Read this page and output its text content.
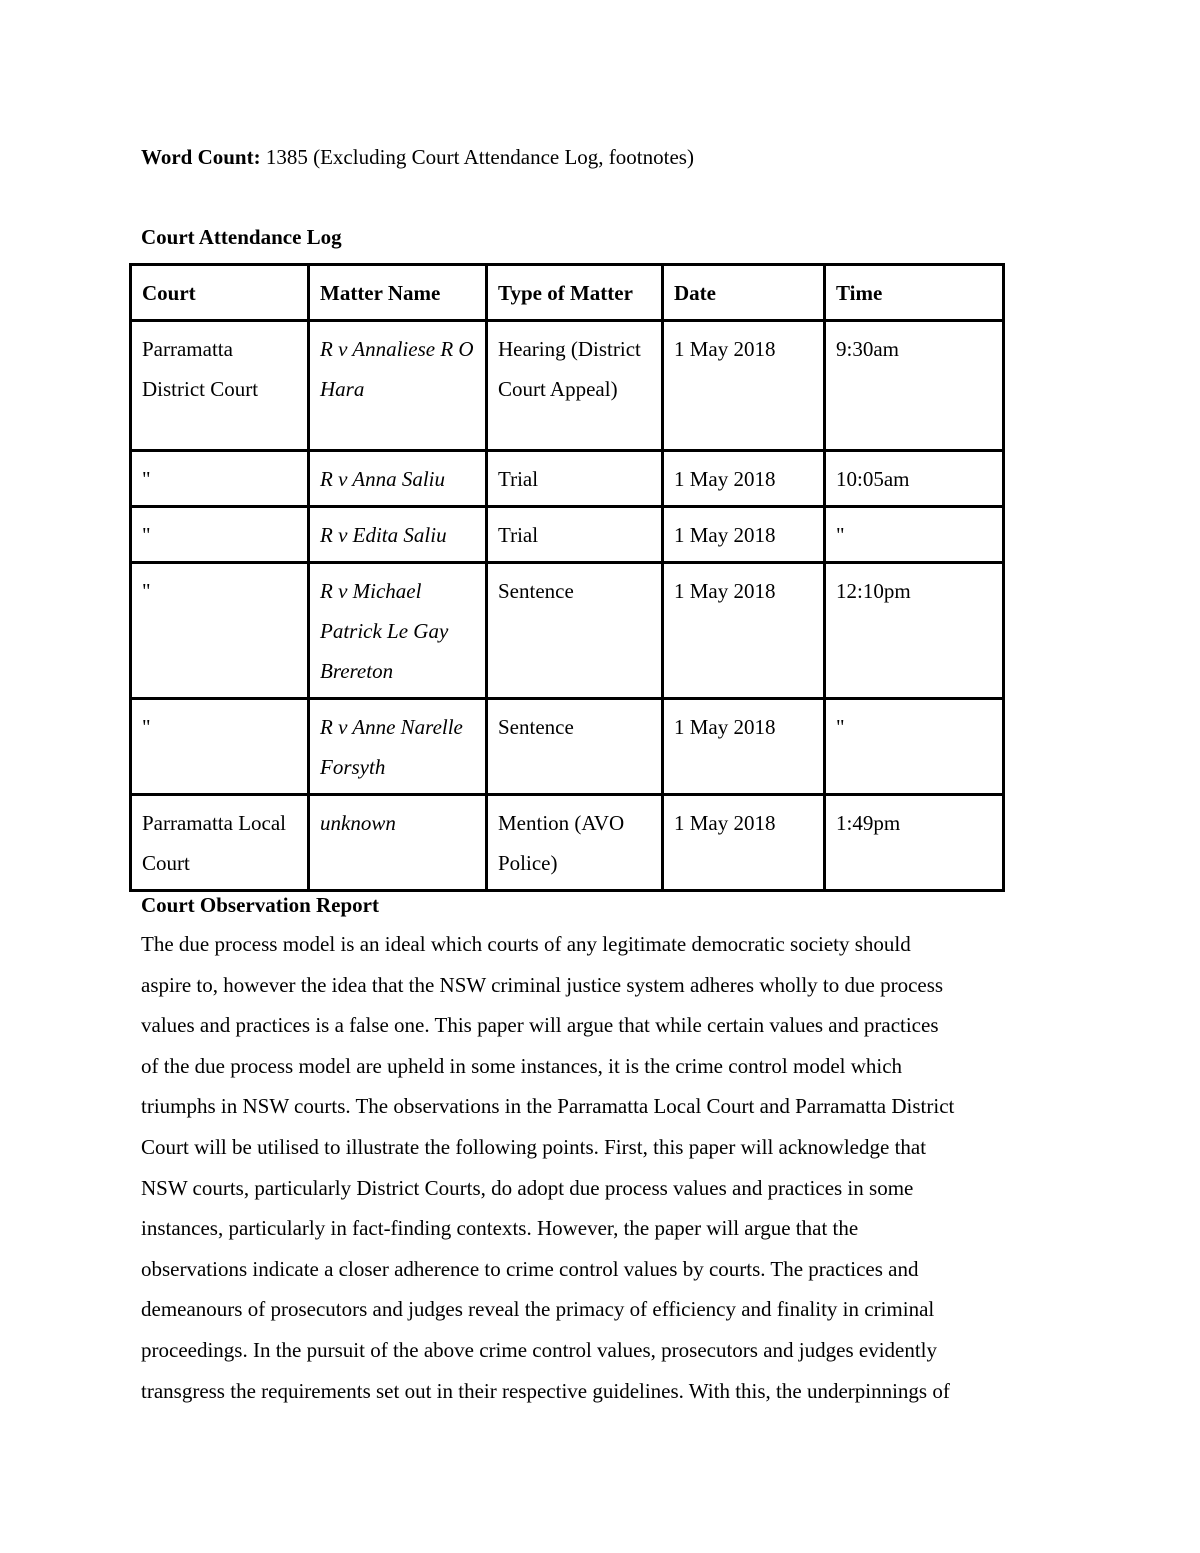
Word Count: 1385 (Excluding Court Attendance Log, footnotes)
Court Attendance Log
Court	Matter Name	Type of Matter	Date	Time
Parramatta District Court	R v Annaliese R O Hara	Hearing (District Court Appeal)	1 May 2018	9:30am
"	R v Anna Saliu	Trial	1 May 2018	10:05am
"	R v Edita Saliu	Trial	1 May 2018	"
"	R v Michael Patrick Le Gay Brereton	Sentence	1 May 2018	12:10pm
"	R v Anne Narelle Forsyth	Sentence	1 May 2018	"
Parramatta Local Court	unknown	Mention (AVO Police)	1 May 2018	1:49pm
Court Observation Report
The due process model is an ideal which courts of any legitimate democratic society should
aspire to, however the idea that the NSW criminal justice system adheres wholly to due process
values and practices is a false one. This paper will argue that while certain values and practices
of the due process model are upheld in some instances, it is the crime control model which
triumphs in NSW courts. The observations in the Parramatta Local Court and Parramatta District
Court will be utilised to illustrate the following points. First, this paper will acknowledge that
NSW courts, particularly District Courts, do adopt due process values and practices in some
instances, particularly in fact-finding contexts. However, the paper will argue that the
observations indicate a closer adherence to crime control values by courts. The practices and
demeanours of prosecutors and judges reveal the primacy of efficiency and finality in criminal
proceedings. In the pursuit of the above crime control values, prosecutors and judges evidently
transgress the requirements set out in their respective guidelines. With this, the underpinnings of
